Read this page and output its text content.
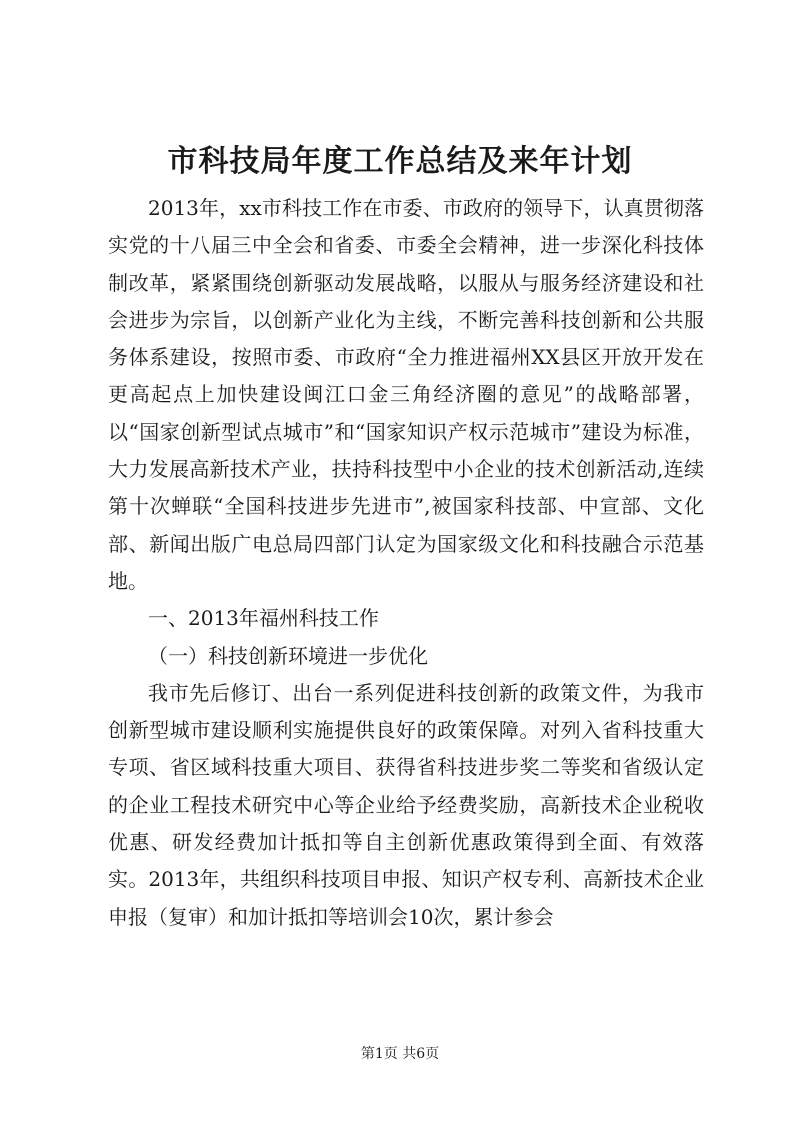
市科技局年度工作总结及来年计划

2013年，xx市科技工作在市委、市政府的领导下，认真贯彻落实党的十八届三中全会和省委、市委全会精神，进一步深化科技体制改革，紧紧围绕创新驱动发展战略，以服从与服务经济建设和社会进步为宗旨，以创新产业化为主线，不断完善科技创新和公共服务体系建设，按照市委、市政府“全力推进福州XX县区开放开发在更高起点上加快建设闽江口金三角经济圈的意见”的战略部署，以“国家创新型试点城市”和“国家知识产权示范城市”建设为标准，大力发展高新技术产业，扶持科技型中小企业的技术创新活动,连续第十次蝉联“全国科技进步先进市”,被国家科技部、中宣部、文化部、新闻出版广电总局四部门认定为国家级文化和科技融合示范基地。

一、2013年福州科技工作

（一）科技创新环境进一步优化

我市先后修订、出台一系列促进科技创新的政策文件，为我市创新型城市建设顺利实施提供良好的政策保障。对列入省科技重大专项、省区域科技重大项目、获得省科技进步奖二等奖和省级认定的企业工程技术研究中心等企业给予经费奖励，高新技术企业税收优惠、研发经费加计抵扣等自主创新优惠政策得到全面、有效落实。2013年，共组织科技项目申报、知识产权专利、高新技术企业申报（复审）和加计抵扣等培训会10次，累计参会

第1页 共6页
